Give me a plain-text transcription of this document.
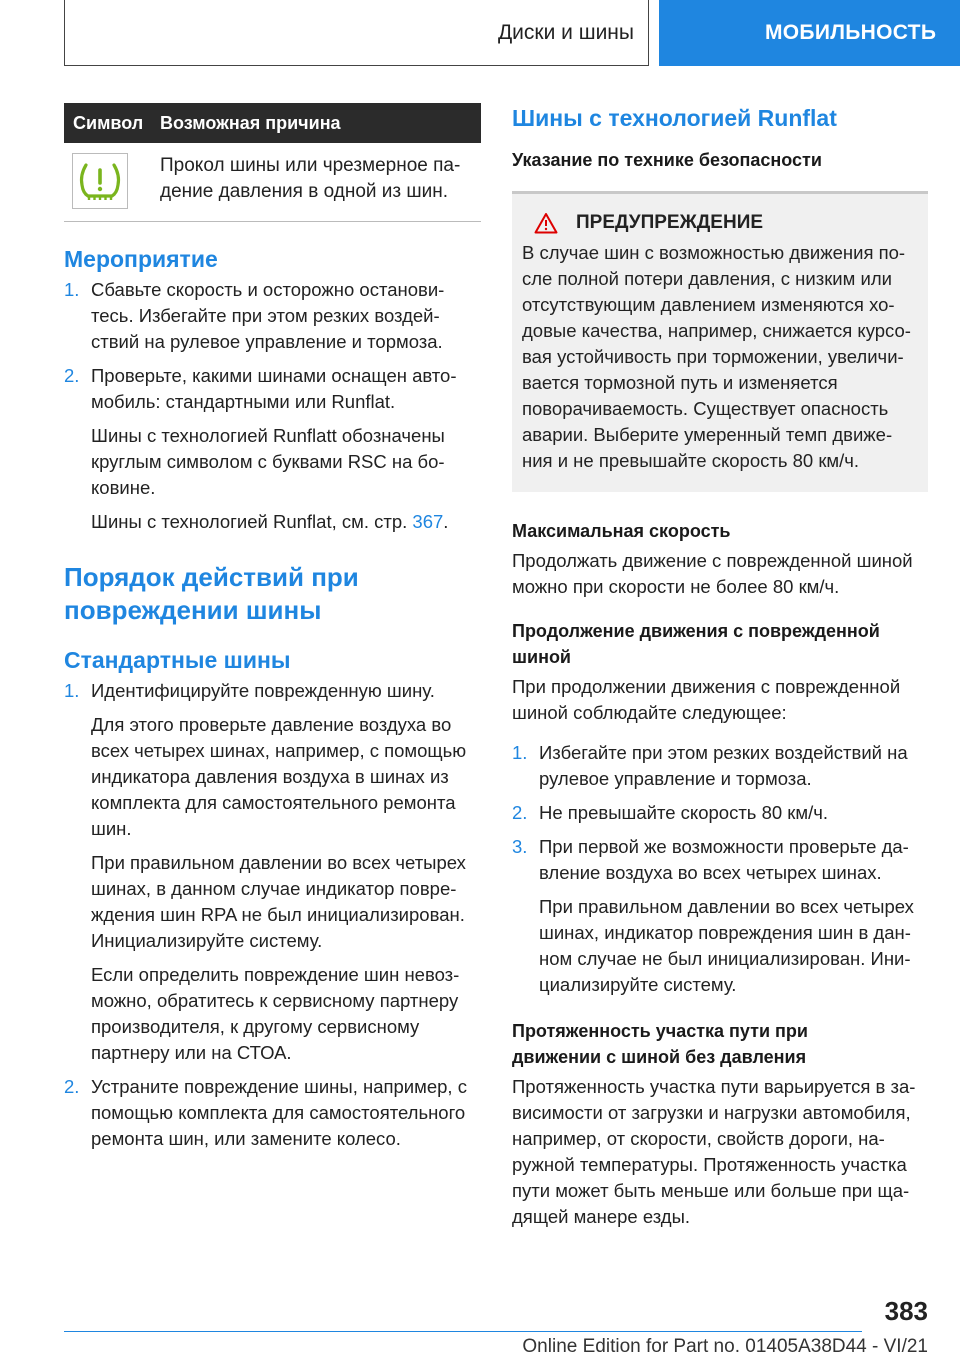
Диски и шины	МОБИЛЬНОСТЬ
Символ Возможная причина
Прокол шины или чрезмерное па-дение давления в одной из шин.
Мероприятие
1. Сбавьте скорость и осторожно останови-тесь. Избегайте при этом резких воздей-ствий на рулевое управление и тормоза.
2. Проверьте, какими шинами оснащен авто-мобиль: стандартными или Runflat.
Шины с технологией Runflatt обозначены круглым символом с буквами RSC на бо-ковине.
Шины с технологией Runflat, см. стр. 367.
Порядок действий при повреждении шины
Стандартные шины
1. Идентифицируйте поврежденную шину.
Для этого проверьте давление воздуха во всех четырех шинах, например, с помощью индикатора давления воздуха в шинах из комплекта для самостоятельного ремонта шин.
При правильном давлении во всех четырех шинах, в данном случае индикатор повре-ждения шин RPA не был инициализирован. Инициализируйте систему.
Если определить повреждение шин невоз-можно, обратитесь к сервисному партнеру производителя, к другому сервисному партнеру или на СТОА.
2. Устраните повреждение шины, например, с помощью комплекта для самостоятельного ремонта шин, или замените колесо.
Шины с технологией Runflat
Указание по технике безопасности
ПРЕДУПРЕЖДЕНИЕ
В случае шин с возможностью движения по-сле полной потери давления, с низким или отсутствующим давлением изменяются хо-довые качества, например, снижается курсо-вая устойчивость при торможении, увеличи-вается тормозной путь и изменяется поворачиваемость. Существует опасность аварии. Выберите умеренный темп движе-ния и не превышайте скорость 80 км/ч.
Максимальная скорость
Продолжать движение с поврежденной шиной можно при скорости не более 80 км/ч.
Продолжение движения с поврежденной шиной
При продолжении движения с поврежденной шиной соблюдайте следующее:
1. Избегайте при этом резких воздействий на рулевое управление и тормоза.
2. Не превышайте скорость 80 км/ч.
3. При первой же возможности проверьте да-вление воздуха во всех четырех шинах.
При правильном давлении во всех четырех шинах, индикатор повреждения шин в дан-ном случае не был инициализирован. Ини-циализируйте систему.
Протяженность участка пути при движении с шиной без давления
Протяженность участка пути варьируется в за-висимости от загрузки и нагрузки автомобиля, например, от скорости, свойств дороги, на-ружной температуры. Протяженность участка пути может быть меньше или больше при ща-дящей манере езды.
383
Online Edition for Part no. 01405A38D44 - VI/21
